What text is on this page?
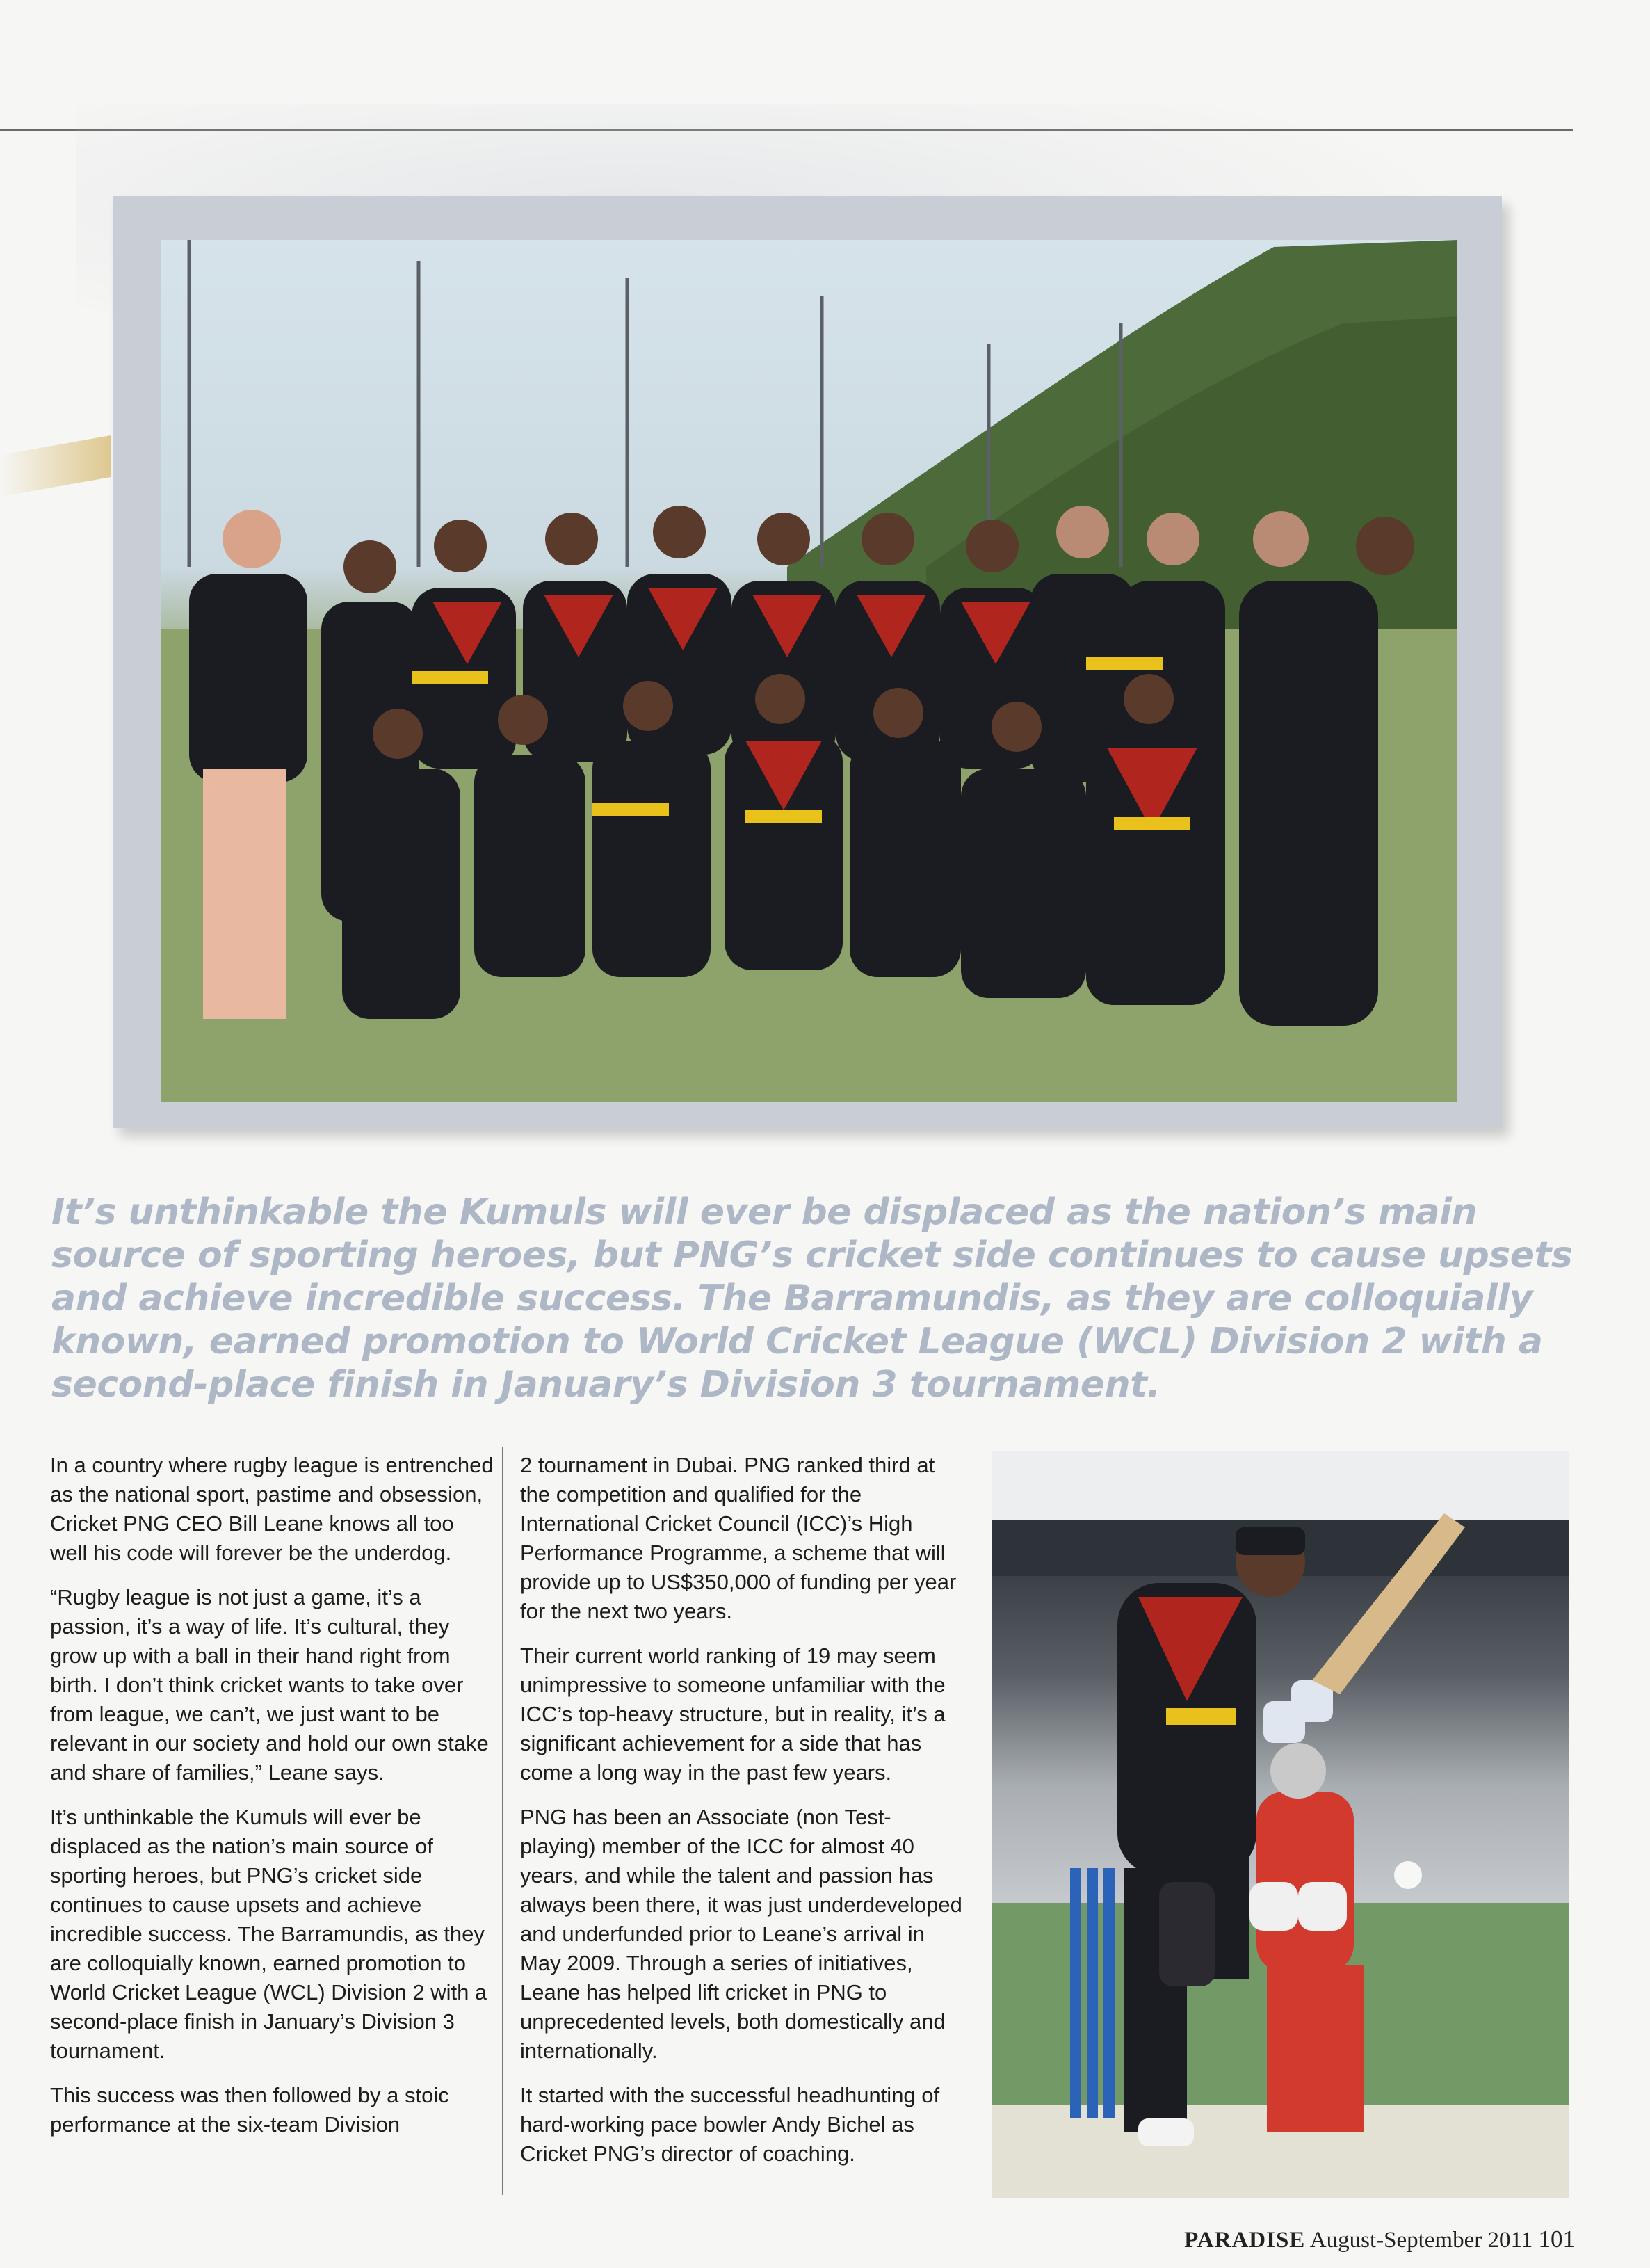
It’s unthinkable the Kumuls will ever be displaced as the nation’s main source of sporting heroes, but PNG’s cricket side continues to cause upsets and achieve incredible success. The Barramundis, as they are colloquially known, earned promotion to World Cricket League (WCL) Division 2 with a second-place finish in January’s Division 3 tournament.

In a country where rugby league is entrenched as the national sport, pastime and obsession, Cricket PNG CEO Bill Leane knows all too well his code will forever be the underdog.

“Rugby league is not just a game, it’s a passion, it’s a way of life. It’s cultural, they grow up with a ball in their hand right from birth. I don’t think cricket wants to take over from league, we can’t, we just want to be relevant in our society and hold our own stake and share of families,” Leane says.

It’s unthinkable the Kumuls will ever be displaced as the nation’s main source of sporting heroes, but PNG’s cricket side continues to cause upsets and achieve incredible success. The Barramundis, as they are colloquially known, earned promotion to World Cricket League (WCL) Division 2 with a second-place finish in January’s Division 3 tournament.

This success was then followed by a stoic performance at the six-team Division

2 tournament in Dubai. PNG ranked third at the competition and qualified for the International Cricket Council (ICC)’s High Performance Programme, a scheme that will provide up to US$350,000 of funding per year for the next two years.

Their current world ranking of 19 may seem unimpressive to someone unfamiliar with the ICC’s top-heavy structure, but in reality, it’s a significant achievement for a side that has come a long way in the past few years.

PNG has been an Associate (non Test-playing) member of the ICC for almost 40 years, and while the talent and passion has always been there, it was just underdeveloped and underfunded prior to Leane’s arrival in May 2009. Through a series of initiatives, Leane has helped lift cricket in PNG to unprecedented levels, both domestically and internationally.

It started with the successful headhunting of hard-working pace bowler Andy Bichel as Cricket PNG’s director of coaching.

PARADISE August-September 2011 101
